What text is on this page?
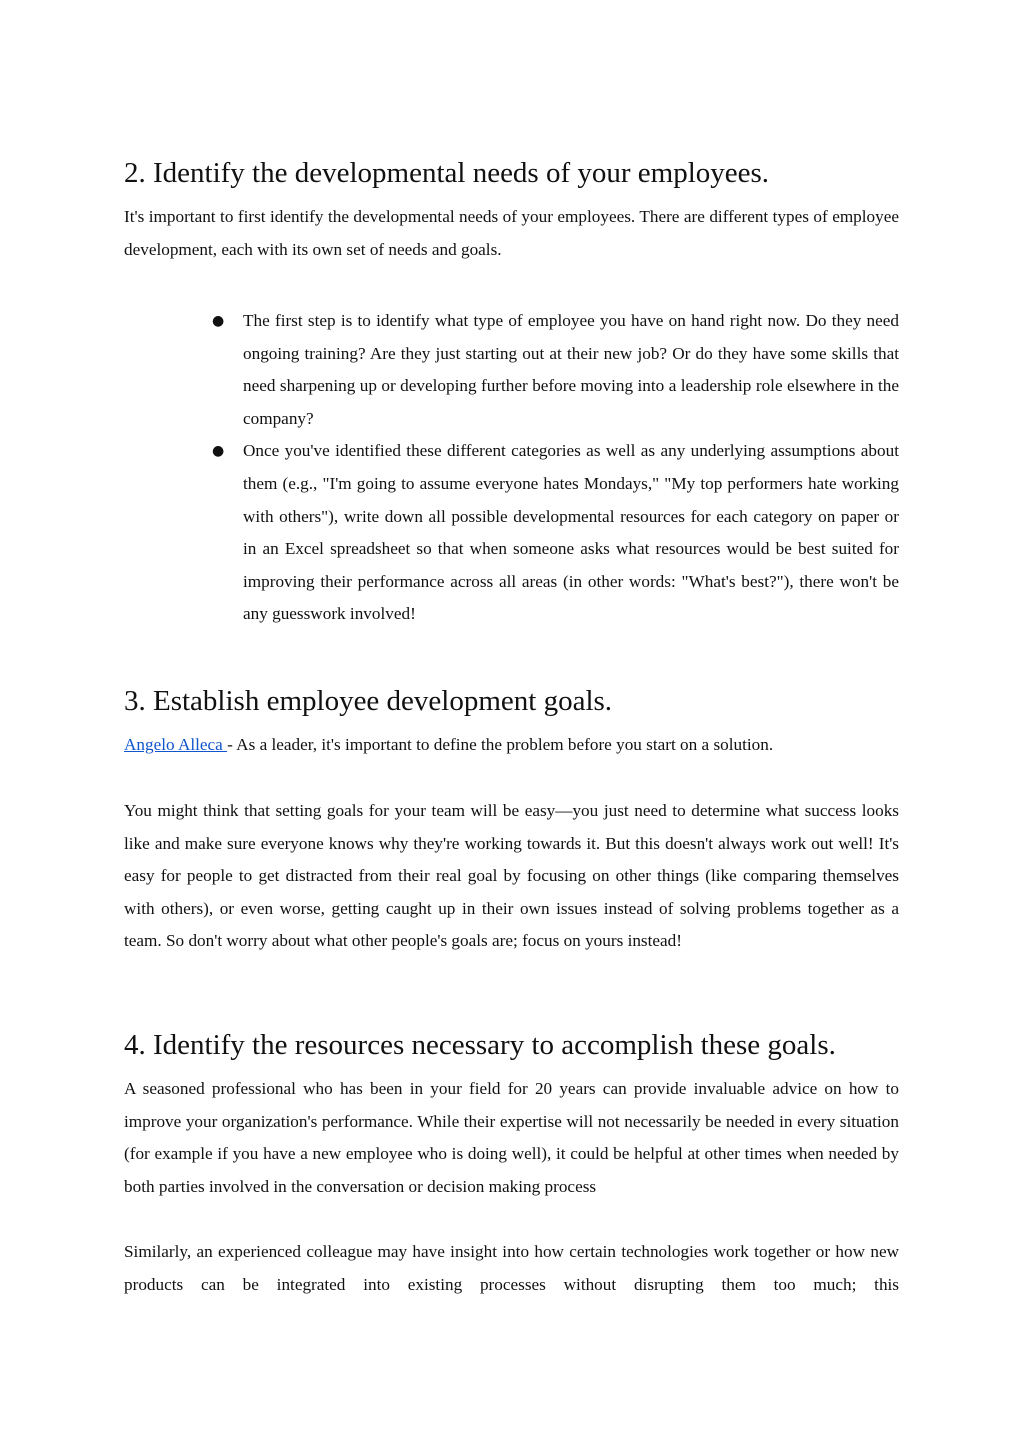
2. Identify the developmental needs of your employees.

It's important to first identify the developmental needs of your employees. There are different types of employee development, each with its own set of needs and goals.

● The first step is to identify what type of employee you have on hand right now. Do they need ongoing training? Are they just starting out at their new job? Or do they have some skills that need sharpening up or developing further before moving into a leadership role elsewhere in the company?
● Once you've identified these different categories as well as any underlying assumptions about them (e.g., "I'm going to assume everyone hates Mondays," "My top performers hate working with others"), write down all possible developmental resources for each category on paper or in an Excel spreadsheet so that when someone asks what resources would be best suited for improving their performance across all areas (in other words: "What's best?"), there won't be any guesswork involved!
3. Establish employee development goals.

Angelo Alleca - As a leader, it's important to define the problem before you start on a solution.

You might think that setting goals for your team will be easy—you just need to determine what success looks like and make sure everyone knows why they're working towards it. But this doesn't always work out well! It's easy for people to get distracted from their real goal by focusing on other things (like comparing themselves with others), or even worse, getting caught up in their own issues instead of solving problems together as a team. So don't worry about what other people's goals are; focus on yours instead!

4. Identify the resources necessary to accomplish these goals.

A seasoned professional who has been in your field for 20 years can provide invaluable advice on how to improve your organization's performance. While their expertise will not necessarily be needed in every situation (for example if you have a new employee who is doing well), it could be helpful at other times when needed by both parties involved in the conversation or decision making process

Similarly, an experienced colleague may have insight into how certain technologies work together or how new products can be integrated into existing processes without disrupting them too much; this
